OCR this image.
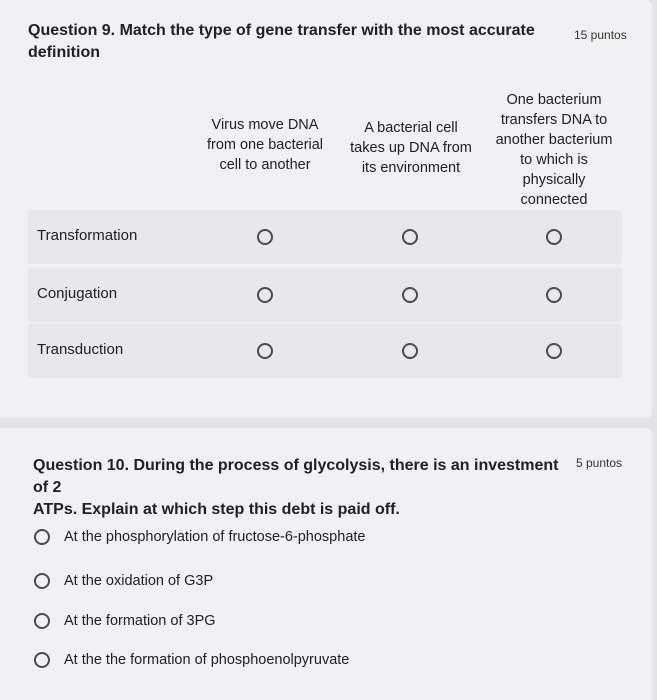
Question 9. Match the type of gene transfer with the most accurate
definition
15 puntos
Virus move DNA
from one bacterial
cell to another
A bacterial cell
takes up DNA from
its environment
One bacterium
transfers DNA to
another bacterium
to which is
physically
connected
Transformation
Conjugation
Transduction
Question 10. During the process of glycolysis, there is an investment of 2
ATPs. Explain at which step this debt is paid off.
5 puntos
At the phosphorylation of fructose-6-phosphate
At the oxidation of G3P
At the formation of 3PG
At the the formation of phosphoenolpyruvate
